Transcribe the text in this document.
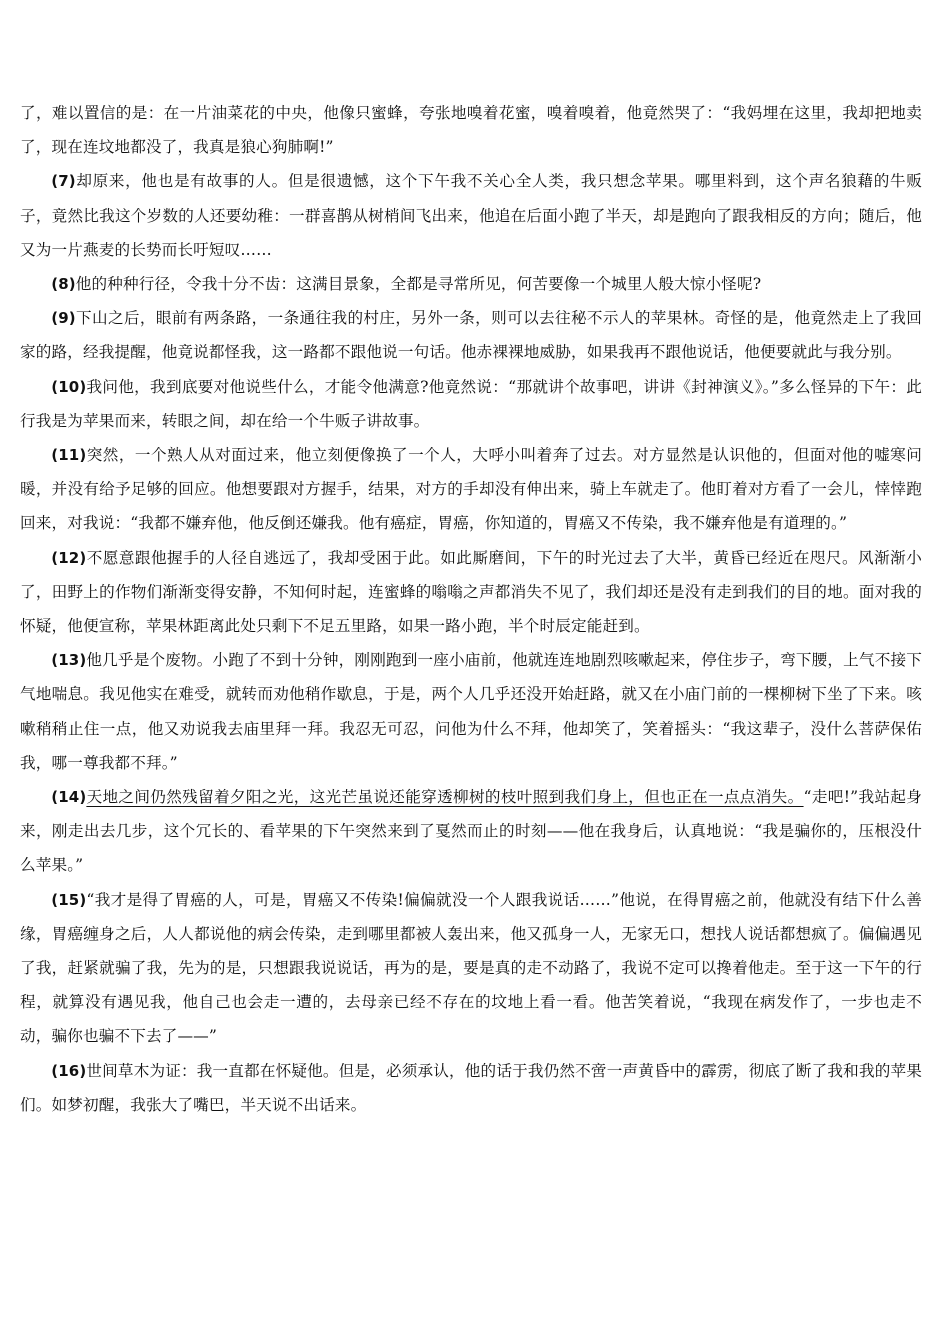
了，难以置信的是：在一片油菜花的中央，他像只蜜蜂，夸张地嗅着花蜜，嗅着嗅着，他竟然哭了：“我妈埋在这里，我却把地卖了，现在连坟地都没了，我真是狼心狗肺啊!”

(7)却原来，他也是有故事的人。但是很遗憾，这个下午我不关心全人类，我只想念苹果。哪里料到，这个声名狼藉的牛贩子，竟然比我这个岁数的人还要幼稚：一群喜鹊从树梢间飞出来，他追在后面小跑了半天，却是跑向了跟我相反的方向；随后，他又为一片燕麦的长势而长吁短叹……

(8)他的种种行径，令我十分不齿：这满目景象，全都是寻常所见，何苦要像一个城里人般大惊小怪呢?

(9)下山之后，眼前有两条路，一条通往我的村庄，另外一条，则可以去往秘不示人的苹果林。奇怪的是，他竟然走上了我回家的路，经我提醒，他竟说都怪我，这一路都不跟他说一句话。他赤裸裸地威胁，如果我再不跟他说话，他便要就此与我分别。

(10)我问他，我到底要对他说些什么，才能令他满意?他竟然说：“那就讲个故事吧，讲讲《封神演义》。”多么怪异的下午：此行我是为苹果而来，转眼之间，却在给一个牛贩子讲故事。

(11)突然，一个熟人从对面过来，他立刻便像换了一个人，大呼小叫着奔了过去。对方显然是认识他的，但面对他的嘘寒问暖，并没有给予足够的回应。他想要跟对方握手，结果，对方的手却没有伸出来，骑上车就走了。他盯着对方看了一会儿，悻悻跑回来，对我说：“我都不嫌弃他，他反倒还嫌我。他有癌症，胃癌，你知道的，胃癌又不传染，我不嫌弃他是有道理的。”

(12)不愿意跟他握手的人径自逃远了，我却受困于此。如此厮磨间，下午的时光过去了大半，黄昏已经近在咫尺。风渐渐小了，田野上的作物们渐渐变得安静，不知何时起，连蜜蜂的嗡嗡之声都消失不见了，我们却还是没有走到我们的目的地。面对我的怀疑，他便宣称，苹果林距离此处只剩下不足五里路，如果一路小跑，半个时辰定能赶到。

(13)他几乎是个废物。小跑了不到十分钟，刚刚跑到一座小庙前，他就连连地剧烈咳嗽起来，停住步子，弯下腰，上气不接下气地喘息。我见他实在难受，就转而劝他稍作歇息，于是，两个人几乎还没开始赶路，就又在小庙门前的一棵柳树下坐了下来。咳嗽稍稍止住一点，他又劝说我去庙里拜一拜。我忍无可忍，问他为什么不拜，他却笑了，笑着摇头：“我这辈子，没什么菩萨保佑我，哪一尊我都不拜。”

(14)天地之间仍然残留着夕阳之光，这光芒虽说还能穿透柳树的枝叶照到我们身上，但也正在一点点消失。“走吧!”我站起身来，刚走出去几步，这个冗长的、看苹果的下午突然来到了戛然而止的时刻——他在我身后，认真地说：“我是骗你的，压根没什么苹果。”

(15)“我才是得了胃癌的人，可是，胃癌又不传染!偏偏就没一个人跟我说话……”他说，在得胃癌之前，他就没有结下什么善缘，胃癌缠身之后，人人都说他的病会传染，走到哪里都被人轰出来，他又孤身一人，无家无口，想找人说话都想疯了。偏偏遇见了我，赶紧就骗了我，先为的是，只想跟我说说话，再为的是，要是真的走不动路了，我说不定可以搀着他走。至于这一下午的行程，就算没有遇见我，他自己也会走一遭的，去母亲已经不存在的坟地上看一看。他苦笑着说，“我现在病发作了，一步也走不动，骗你也骗不下去了——”

(16)世间草木为证：我一直都在怀疑他。但是，必须承认，他的话于我仍然不啻一声黄昏中的霹雳，彻底了断了我和我的苹果们。如梦初醒，我张大了嘴巴，半天说不出话来。
